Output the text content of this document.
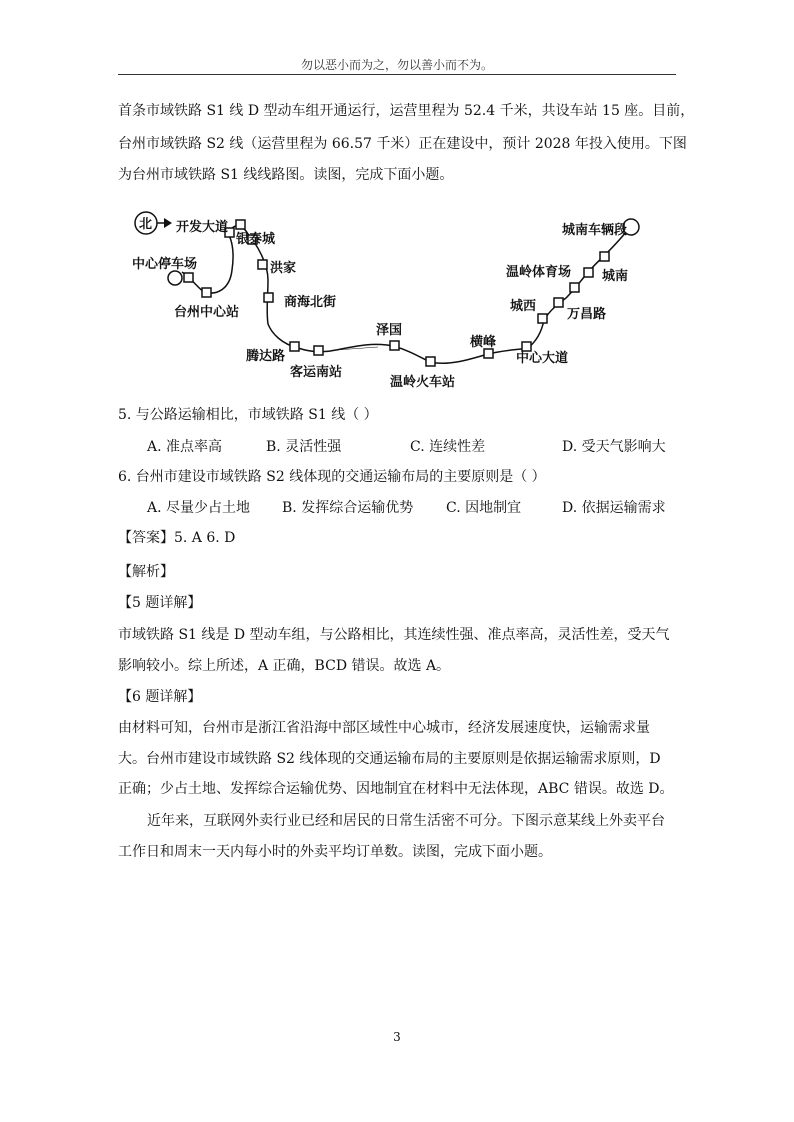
勿以恶小而为之，勿以善小而不为。
首条市域铁路 S1 线 D 型动车组开通运行，运营里程为 52.4 千米，共设车站 15 座。目前，
台州市域铁路 S2 线（运营里程为 66.57 千米）正在建设中，预计 2028 年投入使用。下图
为台州市域铁路 S1 线线路图。读图，完成下面小题。
北 开发大道
银泰城
中心停车场	洪家
台州中心站
商海北街
腾达路
客运南站
泽国
温岭火车站
横峰
中心大道
城西
万昌路
温岭体育场 城南
城南车辆段
5. 与公路运输相比，市域铁路 S1 线（ ）
A. 准点率高	B. 灵活性强	C. 连续性差	D. 受天气影响大
6. 台州市建设市域铁路 S2 线体现的交通运输布局的主要原则是（ ）
A. 尽量少占土地 B. 发挥综合运输优势 C. 因地制宜	D. 依据运输需求
【答案】5. A 6. D
【解析】
【5 题详解】
市域铁路 S1 线是 D 型动车组，与公路相比，其连续性强、准点率高，灵活性差，受天气
影响较小。综上所述，A 正确，BCD 错误。故选 A。
【6 题详解】
由材料可知，台州市是浙江省沿海中部区域性中心城市，经济发展速度快，运输需求量
大。台州市建设市域铁路 S2 线体现的交通运输布局的主要原则是依据运输需求原则，D
正确；少占土地、发挥综合运输优势、因地制宜在材料中无法体现，ABC 错误。故选 D。
近年来，互联网外卖行业已经和居民的日常生活密不可分。下图示意某线上外卖平台
工作日和周末一天内每小时的外卖平均订单数。读图，完成下面小题。
3
